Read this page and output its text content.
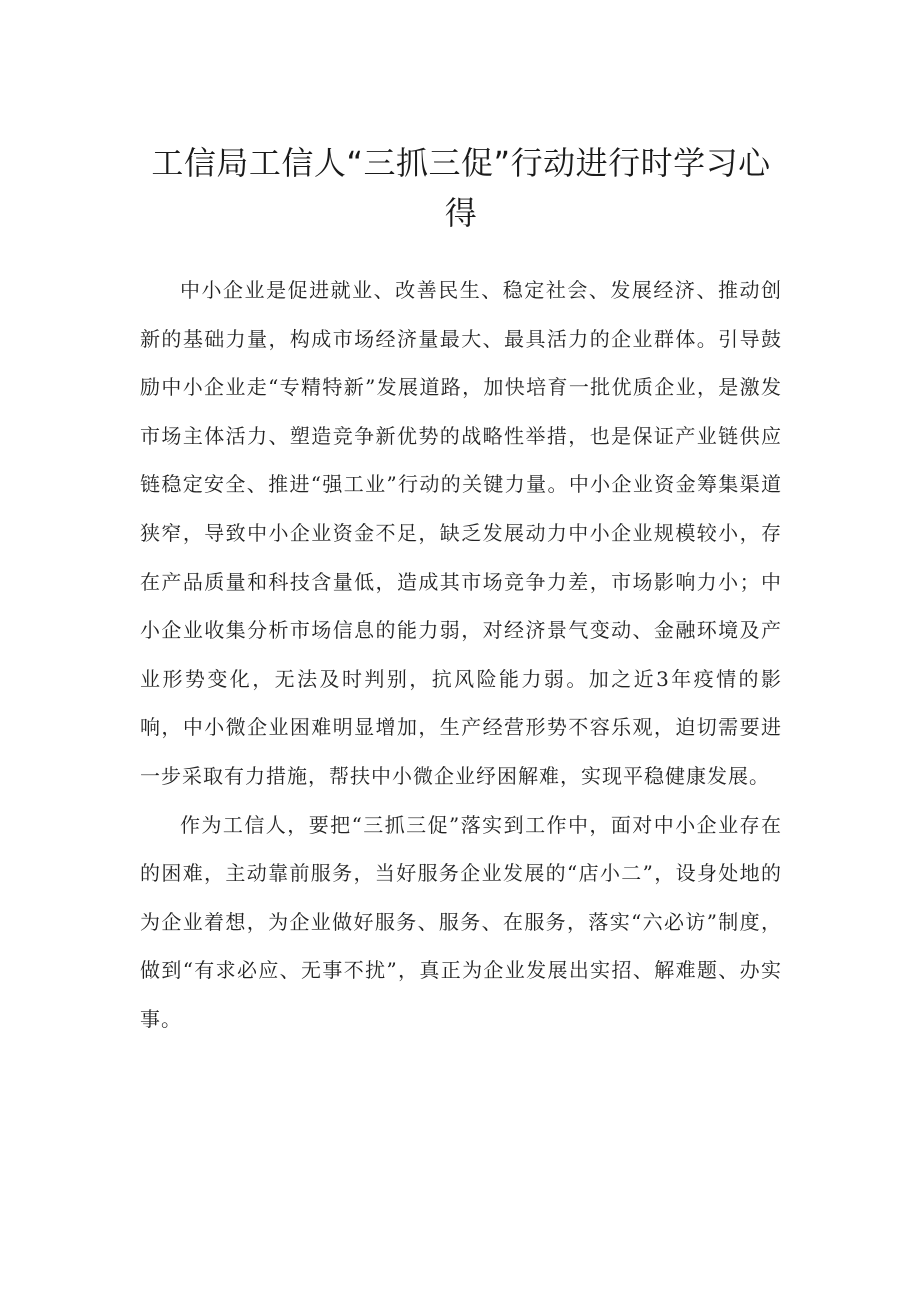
工信局工信人“三抓三促”行动进行时学习心得

中小企业是促进就业、改善民生、稳定社会、发展经济、推动创新的基础力量，构成市场经济量最大、最具活力的企业群体。引导鼓励中小企业走“专精特新”发展道路，加快培育一批优质企业，是激发市场主体活力、塑造竞争新优势的战略性举措，也是保证产业链供应链稳定安全、推进“强工业”行动的关键力量。中小企业资金筹集渠道狭窄，导致中小企业资金不足，缺乏发展动力中小企业规模较小，存在产品质量和科技含量低，造成其市场竞争力差，市场影响力小；中小企业收集分析市场信息的能力弱，对经济景气变动、金融环境及产业形势变化，无法及时判别，抗风险能力弱。加之近3年疫情的影响，中小微企业困难明显增加，生产经营形势不容乐观，迫切需要进一步采取有力措施，帮扶中小微企业纾困解难，实现平稳健康发展。

作为工信人，要把“三抓三促”落实到工作中，面对中小企业存在的困难，主动靠前服务，当好服务企业发展的“店小二”，设身处地的为企业着想，为企业做好服务、服务、在服务，落实“六必访”制度，做到“有求必应、无事不扰”，真正为企业发展出实招、解难题、办实事。
